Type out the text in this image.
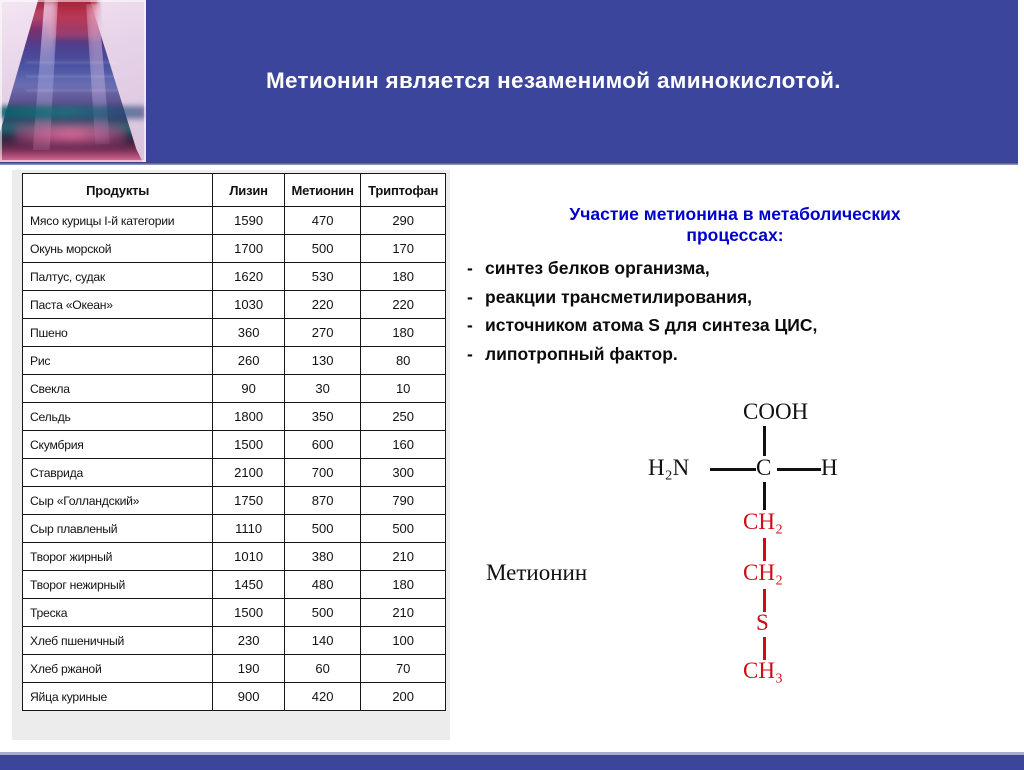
Метионин является незаменимой аминокислотой.
Продукты	Лизин	Метионин	Триптофан
Мясо курицы I-й категории	1590	470	290
Окунь морской	1700	500	170
Палтус, судак	1620	530	180
Паста «Океан»	1030	220	220
Пшено	360	270	180
Рис	260	130	80
Свекла	90	30	10
Сельдь	1800	350	250
Скумбрия	1500	600	160
Ставрида	2100	700	300
Сыр «Голландский»	1750	870	790
Сыр плавленый	1110	500	500
Творог жирный	1010	380	210
Творог нежирный	1450	480	180
Треска	1500	500	210
Хлеб пшеничный	230	140	100
Хлеб ржаной	190	60	70
Яйца куриные	900	420	200
Участие метионина в метаболических
процессах:
- синтез белков организма,
- реакции трансметилирования,
- источником атома S для синтеза ЦИС,
- липотропный фактор.
Метионин
COOH
H₂N	C H
CH₂
CH₂
S
CH₃
